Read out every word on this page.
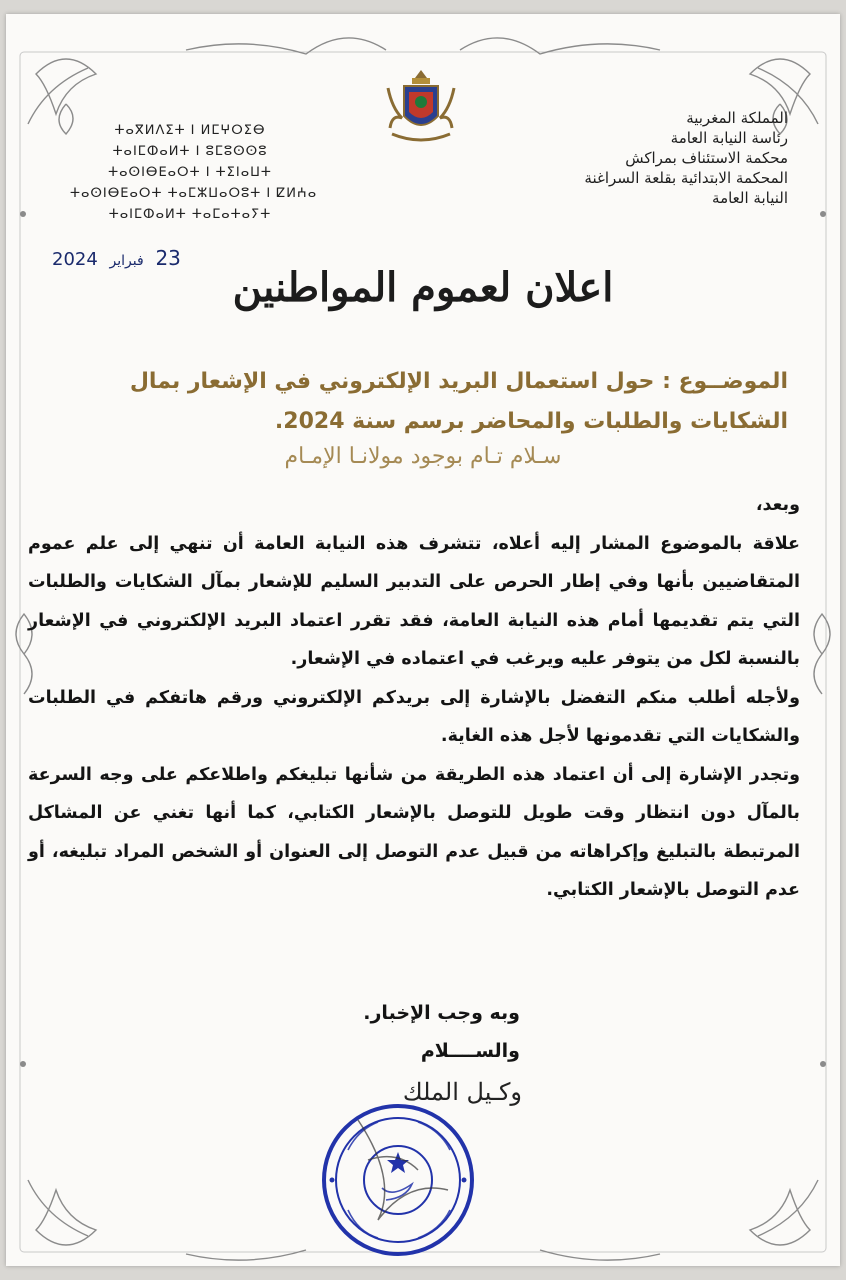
المملكة المغربية
رئاسة النيابة العامة
محكمة الاستئناف بمراكش
المحكمة الابتدائية بقلعة السراغنة
النيابة العامة
ⵜⴰⴳⵍⴷⵉⵜ ⵏ ⵍⵎⵖⵔⵉⴱ
ⵜⴰⵏⵎⵀⴰⵍⵜ ⵏ ⵓⵎⵓⵙⵙⵓ
ⵜⴰⵙⵏⴱⴹⴰⵔⵜ ⵏ ⵜⵉⵏⴰⵡⵜ
ⵜⴰⵙⵏⴱⴹⴰⵔⵜ ⵜⴰⵎⵣⵡⴰⵔⵓⵜ ⵏ ⵇⵍⵄⴰ
ⵜⴰⵏⵎⵀⴰⵍⵜ ⵜⴰⵎⴰⵜⴰⵢⵜ
23 فبراير 2024
اعلان لعموم المواطنين
الموضــوع : حول استعمال البريد الإلكتروني في الإشعار بمال
الشكايات والطلبات والمحاضر برسم سنة 2024.
سـلام تـام بوجود مولانـا الإمـام

وبعد،

علاقة بالموضوع المشار إليه أعلاه، تتشرف هذه النيابة العامة أن تنهي إلى علم عموم المتقاضيين بأنها وفي إطار الحرص على التدبير السليم للإشعار بمآل الشكايات والطلبات التي يتم تقديمها أمام هذه النيابة العامة، فقد تقرر اعتماد البريد الإلكتروني في الإشعار بالنسبة لكل من يتوفر عليه ويرغب في اعتماده في الإشعار.

ولأجله أطلب منكم التفضل بالإشارة إلى بريدكم الإلكتروني ورقم هاتفكم في الطلبات والشكايات التي تقدمونها لأجل هذه الغاية.

وتجدر الإشارة إلى أن اعتماد هذه الطريقة من شأنها تبليغكم واطلاعكم على وجه السرعة بالمآل دون انتظار وقت طويل للتوصل بالإشعار الكتابي، كما أنها تغني عن المشاكل المرتبطة بالتبليغ وإكراهاته من قبيل عدم التوصل إلى العنوان أو الشخص المراد تبليغه، أو عدم التوصل بالإشعار الكتابي.

وبه وجب الإخبار.
والســــلام
وكـيل الملك
